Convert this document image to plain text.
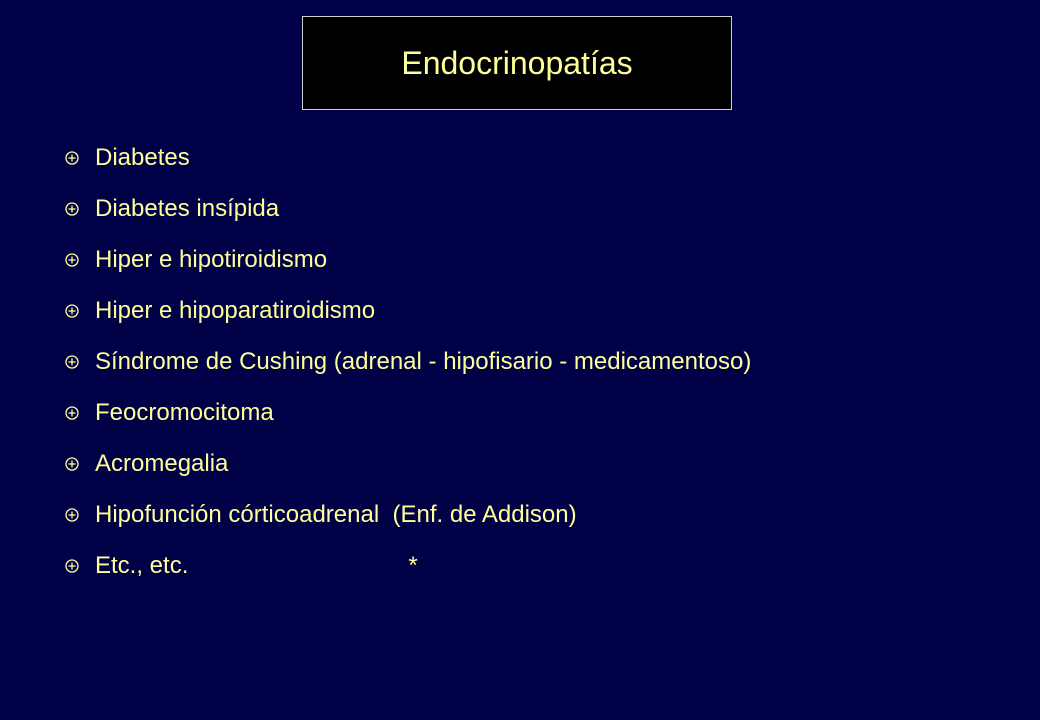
Endocrinopatías
Diabetes
Diabetes insípida
Hiper e hipotiroidismo
Hiper e hipoparatiroidismo
Síndrome de Cushing (adrenal - hipofisario - medicamentoso)
Feocromocitoma
Acromegalia
Hipofunción córticoadrenal  (Enf. de Addison)
Etc., etc.                                 *
